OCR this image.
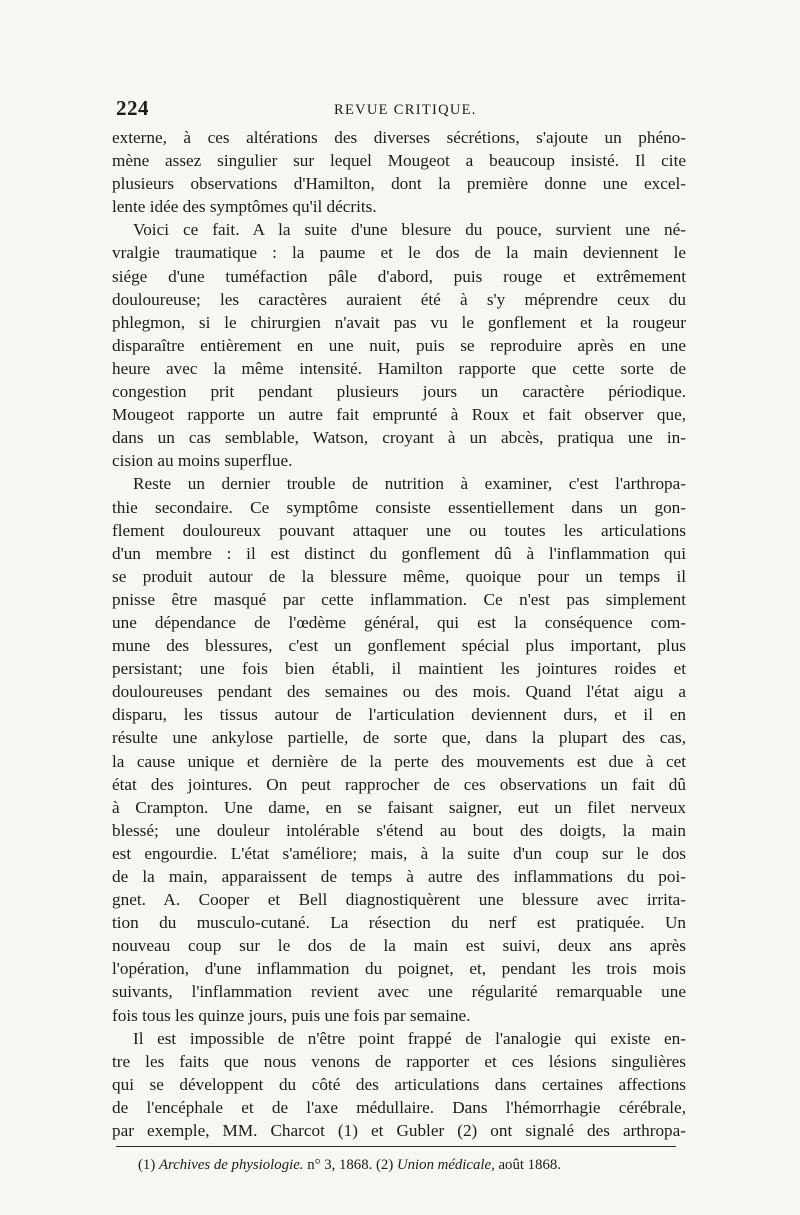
224	REVUE CRITIQUE.
externe, à ces altérations des diverses sécrétions, s'ajoute un phéno-
mène assez singulier sur lequel Mougeot a beaucoup insisté. Il cite
plusieurs observations d'Hamilton, dont la première donne une excel-
lente idée des symptômes qu'il décrits.
Voici ce fait. A la suite d'une blesure du pouce, survient une né-
vralgie traumatique : la paume et le dos de la main deviennent le
siége d'une tuméfaction pâle d'abord, puis rouge et extrêmement
douloureuse; les caractères auraient été à s'y méprendre ceux du
phlegmon, si le chirurgien n'avait pas vu le gonflement et la rougeur
disparaître entièrement en une nuit, puis se reproduire après en une
heure avec la même intensité. Hamilton rapporte que cette sorte de
congestion prit pendant plusieurs jours un caractère périodique.
Mougeot rapporte un autre fait emprunté à Roux et fait observer que,
dans un cas semblable, Watson, croyant à un abcès, pratiqua une in-
cision au moins superflue.
Reste un dernier trouble de nutrition à examiner, c'est l'arthropa-
thie secondaire. Ce symptôme consiste essentiellement dans un gon-
flement douloureux pouvant attaquer une ou toutes les articulations
d'un membre : il est distinct du gonflement dû à l'inflammation qui
se produit autour de la blessure même, quoique pour un temps il
pnisse être masqué par cette inflammation. Ce n'est pas simplement
une dépendance de l'œdème général, qui est la conséquence com-
mune des blessures, c'est un gonflement spécial plus important, plus
persistant; une fois bien établi, il maintient les jointures roides et
douloureuses pendant des semaines ou des mois. Quand l'état aigu a
disparu, les tissus autour de l'articulation deviennent durs, et il en
résulte une ankylose partielle, de sorte que, dans la plupart des cas,
la cause unique et dernière de la perte des mouvements est due à cet
état des jointures. On peut rapprocher de ces observations un fait dû
à Crampton. Une dame, en se faisant saigner, eut un filet nerveux
blessé; une douleur intolérable s'étend au bout des doigts, la main
est engourdie. L'état s'améliore; mais, à la suite d'un coup sur le dos
de la main, apparaissent de temps à autre des inflammations du poi-
gnet. A. Cooper et Bell diagnostiquèrent une blessure avec irrita-
tion du musculo-cutané. La résection du nerf est pratiquée. Un
nouveau coup sur le dos de la main est suivi, deux ans après
l'opération, d'une inflammation du poignet, et, pendant les trois mois
suivants, l'inflammation revient avec une régularité remarquable une
fois tous les quinze jours, puis une fois par semaine.
Il est impossible de n'être point frappé de l'analogie qui existe en-
tre les faits que nous venons de rapporter et ces lésions singulières
qui se développent du côté des articulations dans certaines affections
de l'encéphale et de l'axe médullaire. Dans l'hémorrhagie cérébrale,
par exemple, MM. Charcot (1) et Gubler (2) ont signalé des arthropa-
(1) Archives de physiologie. n° 3, 1868. (2) Union médicale, août 1868.
